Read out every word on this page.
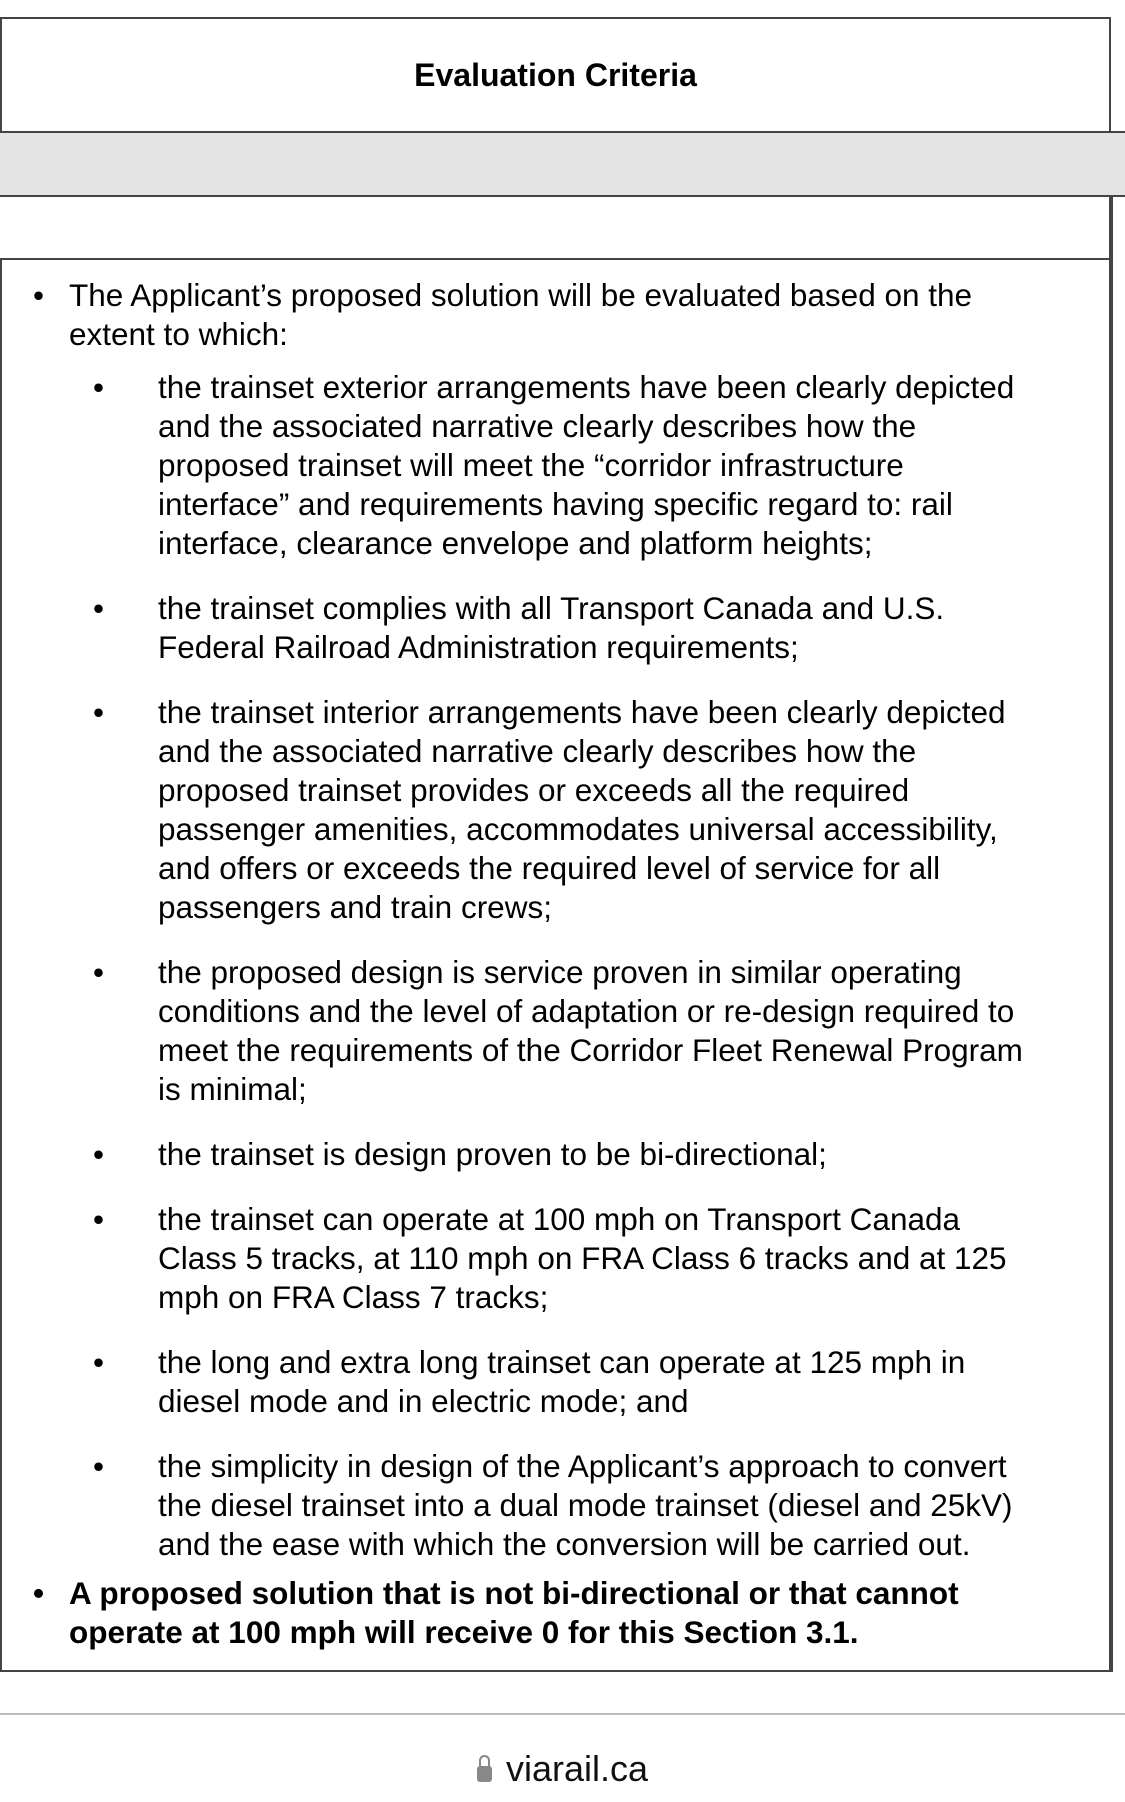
Evaluation Criteria
• The Applicant’s proposed solution will be evaluated based on the
extent to which:
• the trainset exterior arrangements have been clearly depicted
and the associated narrative clearly describes how the
proposed trainset will meet the “corridor infrastructure
interface” and requirements having specific regard to: rail
interface, clearance envelope and platform heights;
• the trainset complies with all Transport Canada and U.S.
Federal Railroad Administration requirements;
• the trainset interior arrangements have been clearly depicted
and the associated narrative clearly describes how the
proposed trainset provides or exceeds all the required
passenger amenities, accommodates universal accessibility,
and offers or exceeds the required level of service for all
passengers and train crews;
• the proposed design is service proven in similar operating
conditions and the level of adaptation or re-design required to
meet the requirements of the Corridor Fleet Renewal Program
is minimal;
• the trainset is design proven to be bi-directional;
• the trainset can operate at 100 mph on Transport Canada
Class 5 tracks, at 110 mph on FRA Class 6 tracks and at 125
mph on FRA Class 7 tracks;
• the long and extra long trainset can operate at 125 mph in
diesel mode and in electric mode; and
• the simplicity in design of the Applicant’s approach to convert
the diesel trainset into a dual mode trainset (diesel and 25kV)
and the ease with which the conversion will be carried out.
• A proposed solution that is not bi-directional or that cannot
operate at 100 mph will receive 0 for this Section 3.1.
viarail.ca
